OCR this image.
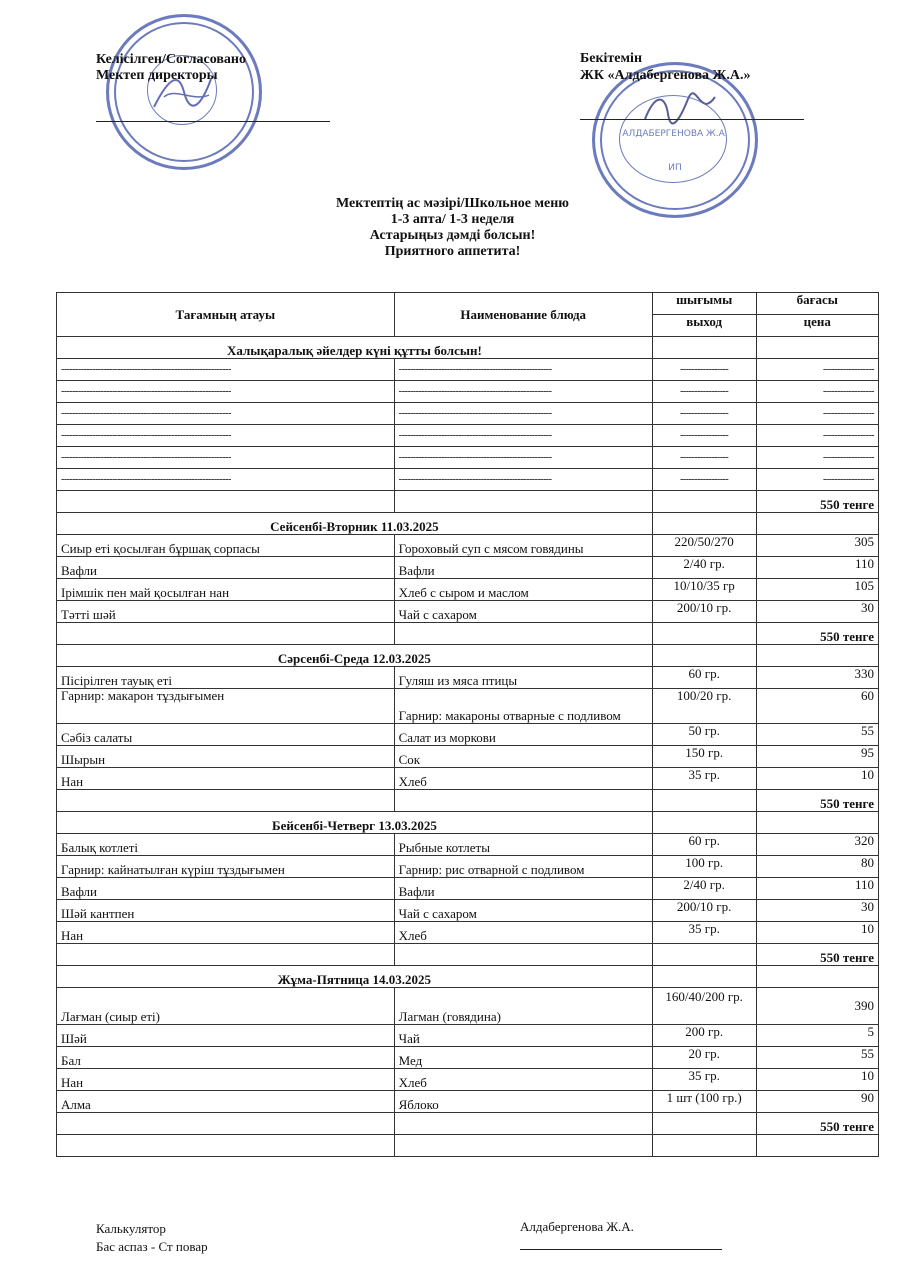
Келісілген/Согласовано
Мектеп директоры
АЛДАБЕРГЕНОВА Ж.А.
ИП
Бекітемін
ЖК «Алдабергенова Ж.А.»
Мектептің ас мәзірі/Школьное меню
1-3 апта/ 1-3 неделя
Астарыңыз дәмді болсын!
Приятного аппетита!
Тағамның атауы	Наименование блюда	шығымы	бағасы
		выход	цена
Халықаралық әйелдер күні құтты болсын!			
------------------------------------------------------------	------------------------------------------------------	-----------------	------------------
------------------------------------------------------------	------------------------------------------------------	-----------------	------------------
------------------------------------------------------------	------------------------------------------------------	-----------------	------------------
------------------------------------------------------------	------------------------------------------------------	-----------------	------------------
------------------------------------------------------------	------------------------------------------------------	-----------------	------------------
------------------------------------------------------------	------------------------------------------------------	-----------------	------------------
			550 тенге
Сейсенбі-Вторник 11.03.2025			
Сиыр еті қосылған бұршақ сорпасы	Гороховый суп с мясом говядины	220/50/270	305
Вафли	Вафли	2/40 гр.	110
Ірімшік пен май қосылған нан	Хлеб с сыром и маслом	10/10/35 гр	105
Тәтті шәй	Чай с сахаром	200/10 гр.	30
			550 тенге
Сәрсенбі-Среда 12.03.2025			
Пісірілген тауық еті	Гуляш из мяса птицы	60 гр.	330
Гарнир: макарон тұздығымен	Гарнир: макароны отварные с подливом	100/20 гр.	60
Сәбіз салаты	Салат из моркови	50 гр.	55
Шырын	Сок	150 гр.	95
Нан	Хлеб	35 гр.	10
			550 тенге
Бейсенбі-Четверг 13.03.2025			
Балық котлеті	Рыбные котлеты	60 гр.	320
Гарнир: кайнатылған күріш тұздығымен	Гарнир: рис отварной с подливом	100 гр.	80
Вафли	Вафли	2/40 гр.	110
Шәй кантпен	Чай с сахаром	200/10 гр.	30
Нан	Хлеб	35 гр.	10
			550 тенге
Жұма-Пятница 14.03.2025			
Лағман (сиыр еті)	Лагман (говядина)	160/40/200 гр.	390
Шәй	Чай	200 гр.	5
Бал	Мед	20 гр.	55
Нан	Хлеб	35 гр.	10
Алма	Яблоко	1 шт (100 гр.)	90
			550 тенге

Калькулятор
Бас аспаз - Ст повар
Алдабергенова Ж.А.
